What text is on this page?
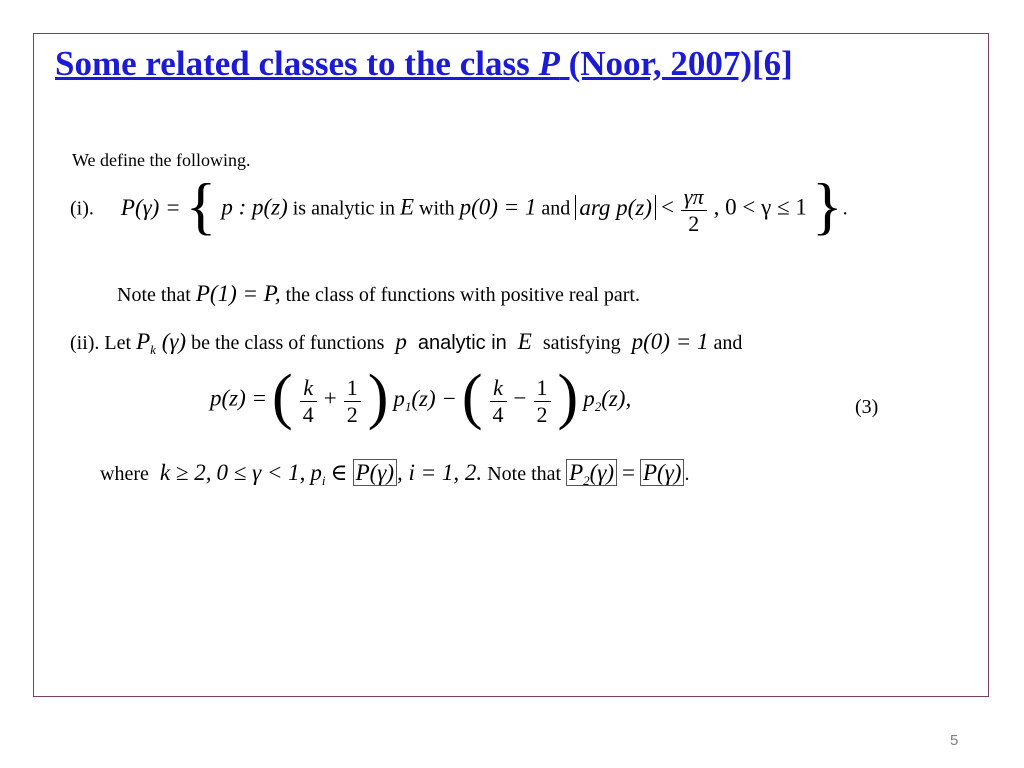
Some related classes to the class P (Noor, 2007)[6]
We define the following.
(i). P(γ) = { p : p(z) is analytic in E with p(0) = 1 and arg $p(z) < \frac{\gamma\pi}{2}$ , 0 < γ ≤ 1 }.
Note that P(1) = P, the class of functions with positive real part.
(ii). Let $P_k$ (γ) be the class of functions p analytic in E satisfying p(0) = 1 and
p(z) = ( $\frac{k}{4} + \frac{1}{2}$ ) $p_1(z)$ − ( $\frac{k}{4} - \frac{1}{2}$ ) $p_2(z)$,	(3)
where k ≥ 2, 0 ≤ γ < 1, $p_i$ ∈ P(γ) , i = 1, 2. Note that $P_2(\gamma) = P(\gamma)$ .
5
